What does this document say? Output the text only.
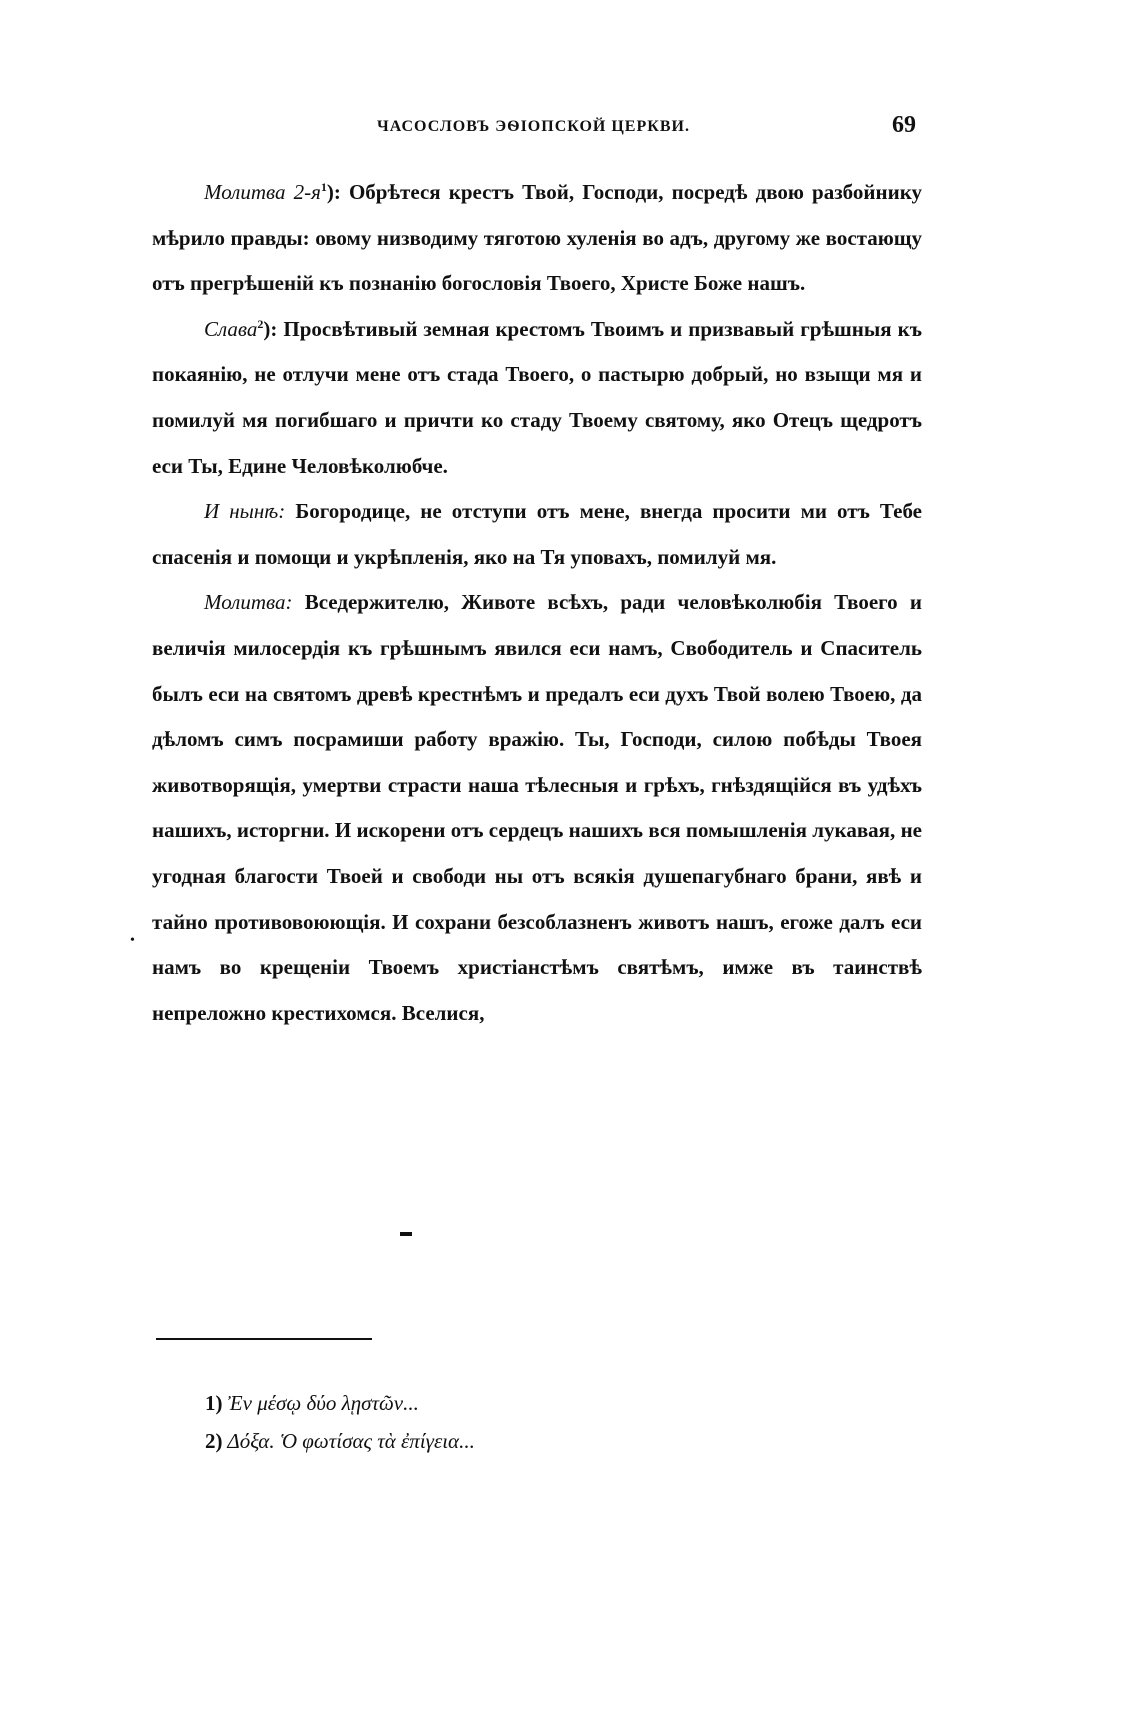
ЧАСОСЛОВЪ ЭѲІОПСКОЙ ЦЕРКВИ.	69

Молитва $2-я^1$): Обрѣтеся крестъ Твой, Господи, посредѣ двою разбойнику мѣрило правды: овому низводиму тяготою хуленія во адъ, другому же востающу отъ прегрѣшеній къ познанію богословія Твоего, Христе Боже нашъ.

Слава$^2$): Просвѣтивый земная крестомъ Твоимъ и призвавый грѣшныя къ покаянію, не отлучи мене отъ стада Твоего, о пастырю добрый, но взыщи мя и помилуй мя погибшаго и причти ко стаду Твоему святому, яко Отецъ щедротъ еси Ты, Едине Человѣколюбче.

И нынѣ: Богородице, не отступи отъ мене, внегда просити ми отъ Тебе спасенія и помощи и укрѣпленія, яко на Тя уповахъ, помилуй мя.

Молитва: Вседержителю, Животе всѣхъ, ради человѣколюбія Твоего и величія милосердія къ грѣшнымъ явился еси намъ, Свободитель и Спаситель былъ еси на святомъ древѣ крестнѣмъ и предалъ еси духъ Твой волею Твоею, да дѣломъ симъ посрамиши работу вражію. Ты, Господи, силою побѣды Твоея животворящія, умертви страсти наша тѣлесныя и грѣхъ, гнѣздящійся въ удѣхъ нашихъ, исторгни. И искорени отъ сердецъ нашихъ вся помышленія лукавая, не угодная благости Твоей и свободи ны отъ всякія душепагубнаго брани, явѣ и тайно противовоюющія. И сохрани безсоблазненъ животъ нашъ, егоже далъ еси намъ во крещеніи Твоемъ христіанстѣмъ святѣмъ, имже въ таинствѣ непреложно крестихомся. Вселися,

•
1) Ἐν μέσῳ δύο λῃστῶν...
2) Δόξα. Ὁ φωτίσας τὰ ἐπίγεια...
